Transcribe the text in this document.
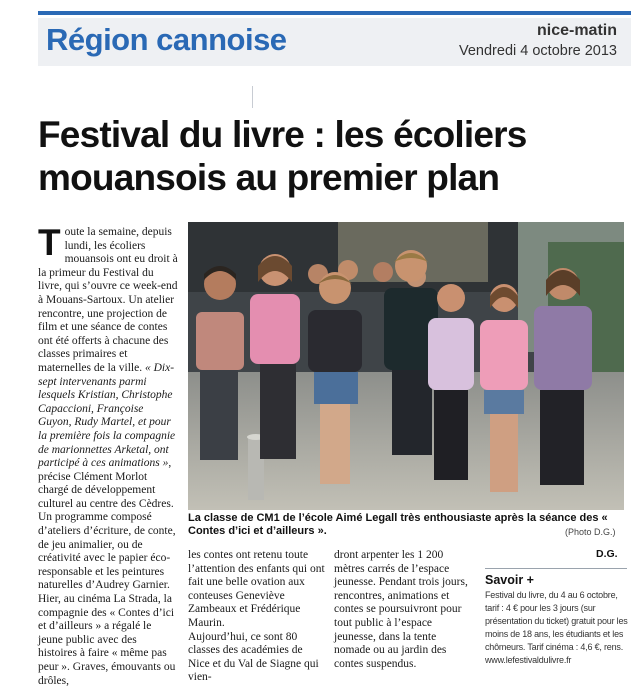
Région cannoise	nice-matin
Vendredi 4 octobre 2013
Festival du livre : les écoliers
mouansois au premier plan

La classe de CM1 de l’école Aimé Legall très enthousiaste après la séance des « Contes d’ici et d’ailleurs ».	(Photo D.G.)
D.G.
Toute la semaine, depuis lundi, les écoliers mouansois ont eu droit à la primeur du Festival du livre, qui s’ouvre ce week-end à Mouans-Sartoux. Un atelier rencontre, une projection de film et une séance de contes ont été offerts à chacune des classes primaires et maternelles de la ville. « Dix-sept intervenants parmi lesquels Kristian, Christophe Capaccioni, Françoise Guyon, Rudy Martel, et pour la première fois la compagnie de marionnettes Arketal, ont participé à ces animations », précise Clément Morlot chargé de développement culturel au centre des Cèdres. Un programme composé d’ateliers d’écriture, de conte, de jeu animalier, ou de créativité avec le papier éco-responsable et les peintures naturelles d’Audrey Garnier. Hier, au cinéma La Strada, la compagnie des « Contes d’ici et d’ailleurs » a régalé le jeune public avec des histoires à faire « même pas peur ». Graves, émouvants ou drôles,
les contes ont retenu toute l’attention des enfants qui ont fait une belle ovation aux conteuses Geneviève Zambeaux et Frédérique Maurin.
Aujourd’hui, ce sont 80 classes des académies de Nice et du Val de Siagne qui vien-
dront arpenter les 1 200 mètres carrés de l’espace jeunesse. Pendant trois jours, rencontres, animations et contes se poursuivront pour tout public à l’espace jeunesse, dans la tente nomade ou au jardin des contes suspendus.
Savoir +

Festival du livre, du 4 au 6 octobre, tarif : 4 € pour les 3 jours (sur présentation du ticket) gratuit pour les moins de 18 ans, les étudiants et les chômeurs. Tarif cinéma : 4,6 €, rens. www.lefestivaldulivre.fr
